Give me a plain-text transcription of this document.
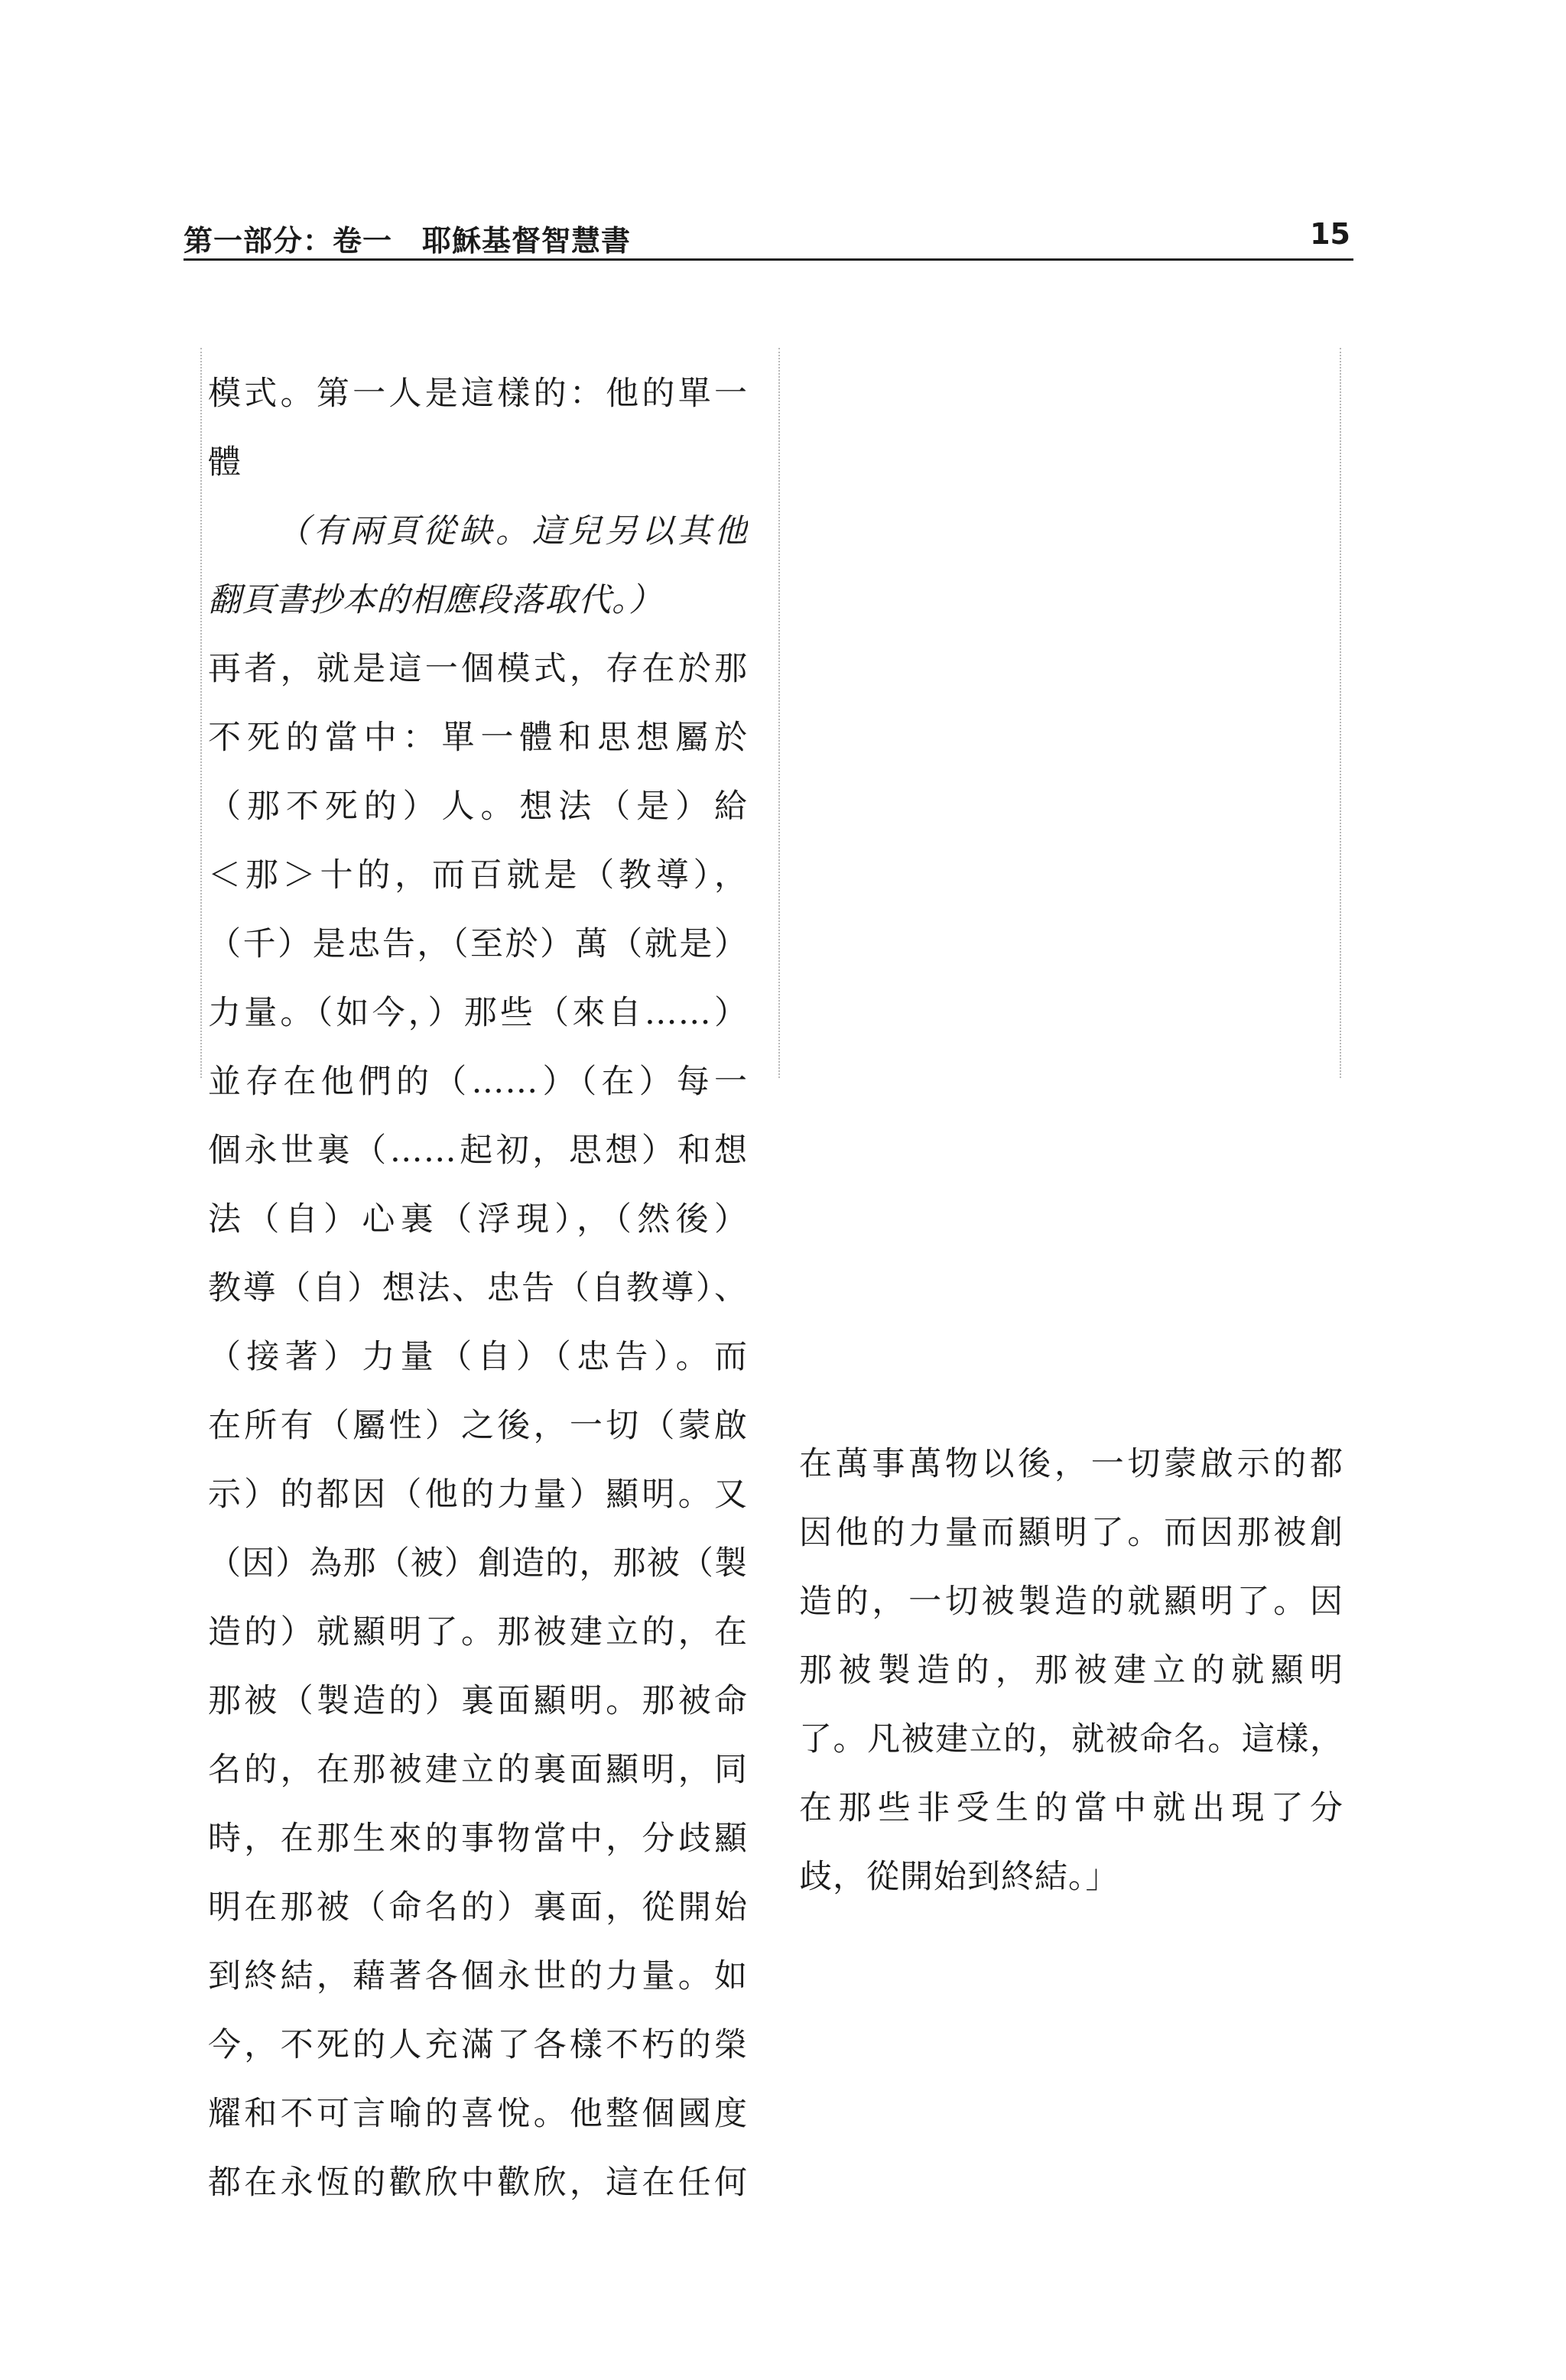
第一部分：卷一　耶穌基督智慧書	15
模式。第一人是這樣的：他的單一
體
（有兩頁從缺。這兒另以其他
翻頁書抄本的相應段落取代。）
再者，就是這一個模式，存在於那
不死的當中：單一體和思想屬於
（那不死的）人。想法（是）給
＜那＞十的，而百就是（教導），
（千）是忠告，（至於）萬（就是）
力量。（如今，）那些（來自……）
並存在他們的（……）（在）每一
個永世裏（……起初，思想）和想
法（自）心裏（浮現），（然後）
教導（自）想法、忠告（自教導）、
（接著）力量（自）（忠告）。而
在所有（屬性）之後，一切（蒙啟
示）的都因（他的力量）顯明。又
（因）為那（被）創造的，那被（製
造的）就顯明了。那被建立的，在
那被（製造的）裏面顯明。那被命
名的，在那被建立的裏面顯明，同
時，在那生來的事物當中，分歧顯
明在那被（命名的）裏面，從開始
到終結，藉著各個永世的力量。如
今，不死的人充滿了各樣不朽的榮
耀和不可言喻的喜悅。他整個國度
都在永恆的歡欣中歡欣，這在任何
在萬事萬物以後，一切蒙啟示的都
因他的力量而顯明了。而因那被創
造的，一切被製造的就顯明了。因
那被製造的，那被建立的就顯明
了。凡被建立的，就被命名。這樣，
在那些非受生的當中就出現了分
歧，從開始到終結。」
